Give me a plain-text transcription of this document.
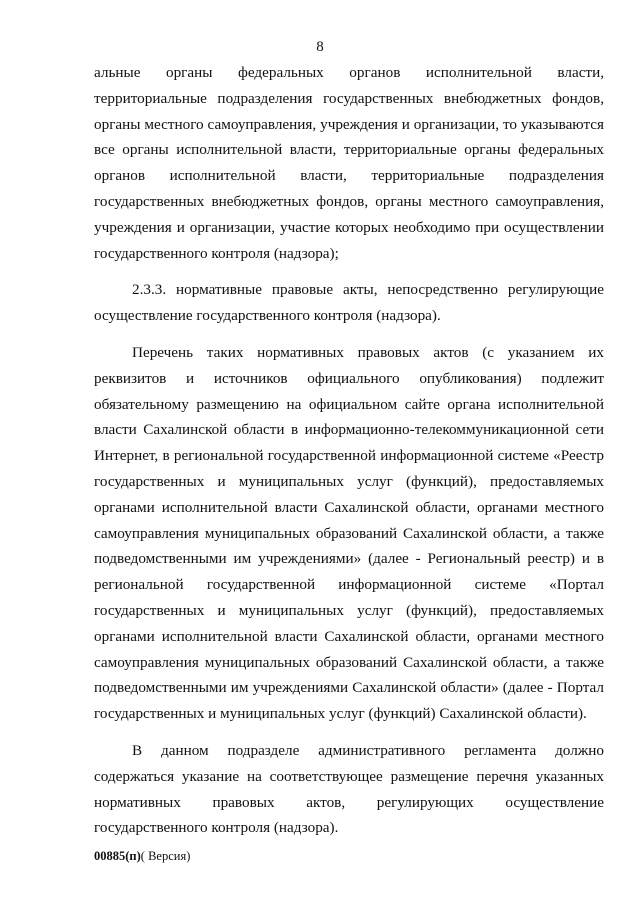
8

альные органы федеральных органов исполнительной власти, территориальные подразделения государственных внебюджетных фондов, органы местного самоуправления, учреждения и организации, то указываются все органы исполнительной власти, территориальные органы федеральных органов исполнительной власти, территориальные подразделения государственных внебюджетных фондов, органы местного самоуправления, учреждения и организации, участие которых необходимо при осуществлении государственного контроля (надзора);

2.3.3. нормативные правовые акты, непосредственно регулирующие осуществление государственного контроля (надзора).

Перечень таких нормативных правовых актов (с указанием их реквизитов и источников официального опубликования) подлежит обязательному размещению на официальном сайте органа исполнительной власти Сахалинской области в информационно-телекоммуникационной сети Интернет, в региональной государственной информационной системе «Реестр государственных и муниципальных услуг (функций), предоставляемых органами исполнительной власти Сахалинской области, органами местного самоуправления муниципальных образований Сахалинской области, а также подведомственными им учреждениями» (далее - Региональный реестр) и в региональной государственной информационной системе «Портал государственных и муниципальных услуг (функций), предоставляемых органами исполнительной власти Сахалинской области, органами местного самоуправления муниципальных образований Сахалинской области, а также подведомственными им учреждениями Сахалинской области» (далее - Портал государственных и муниципальных услуг (функций) Сахалинской области).

В данном подразделе административного регламента должно содержаться указание на соответствующее размещение перечня указанных нормативных правовых актов, регулирующих осуществление государственного контроля (надзора).

00885(п)( Версия)
